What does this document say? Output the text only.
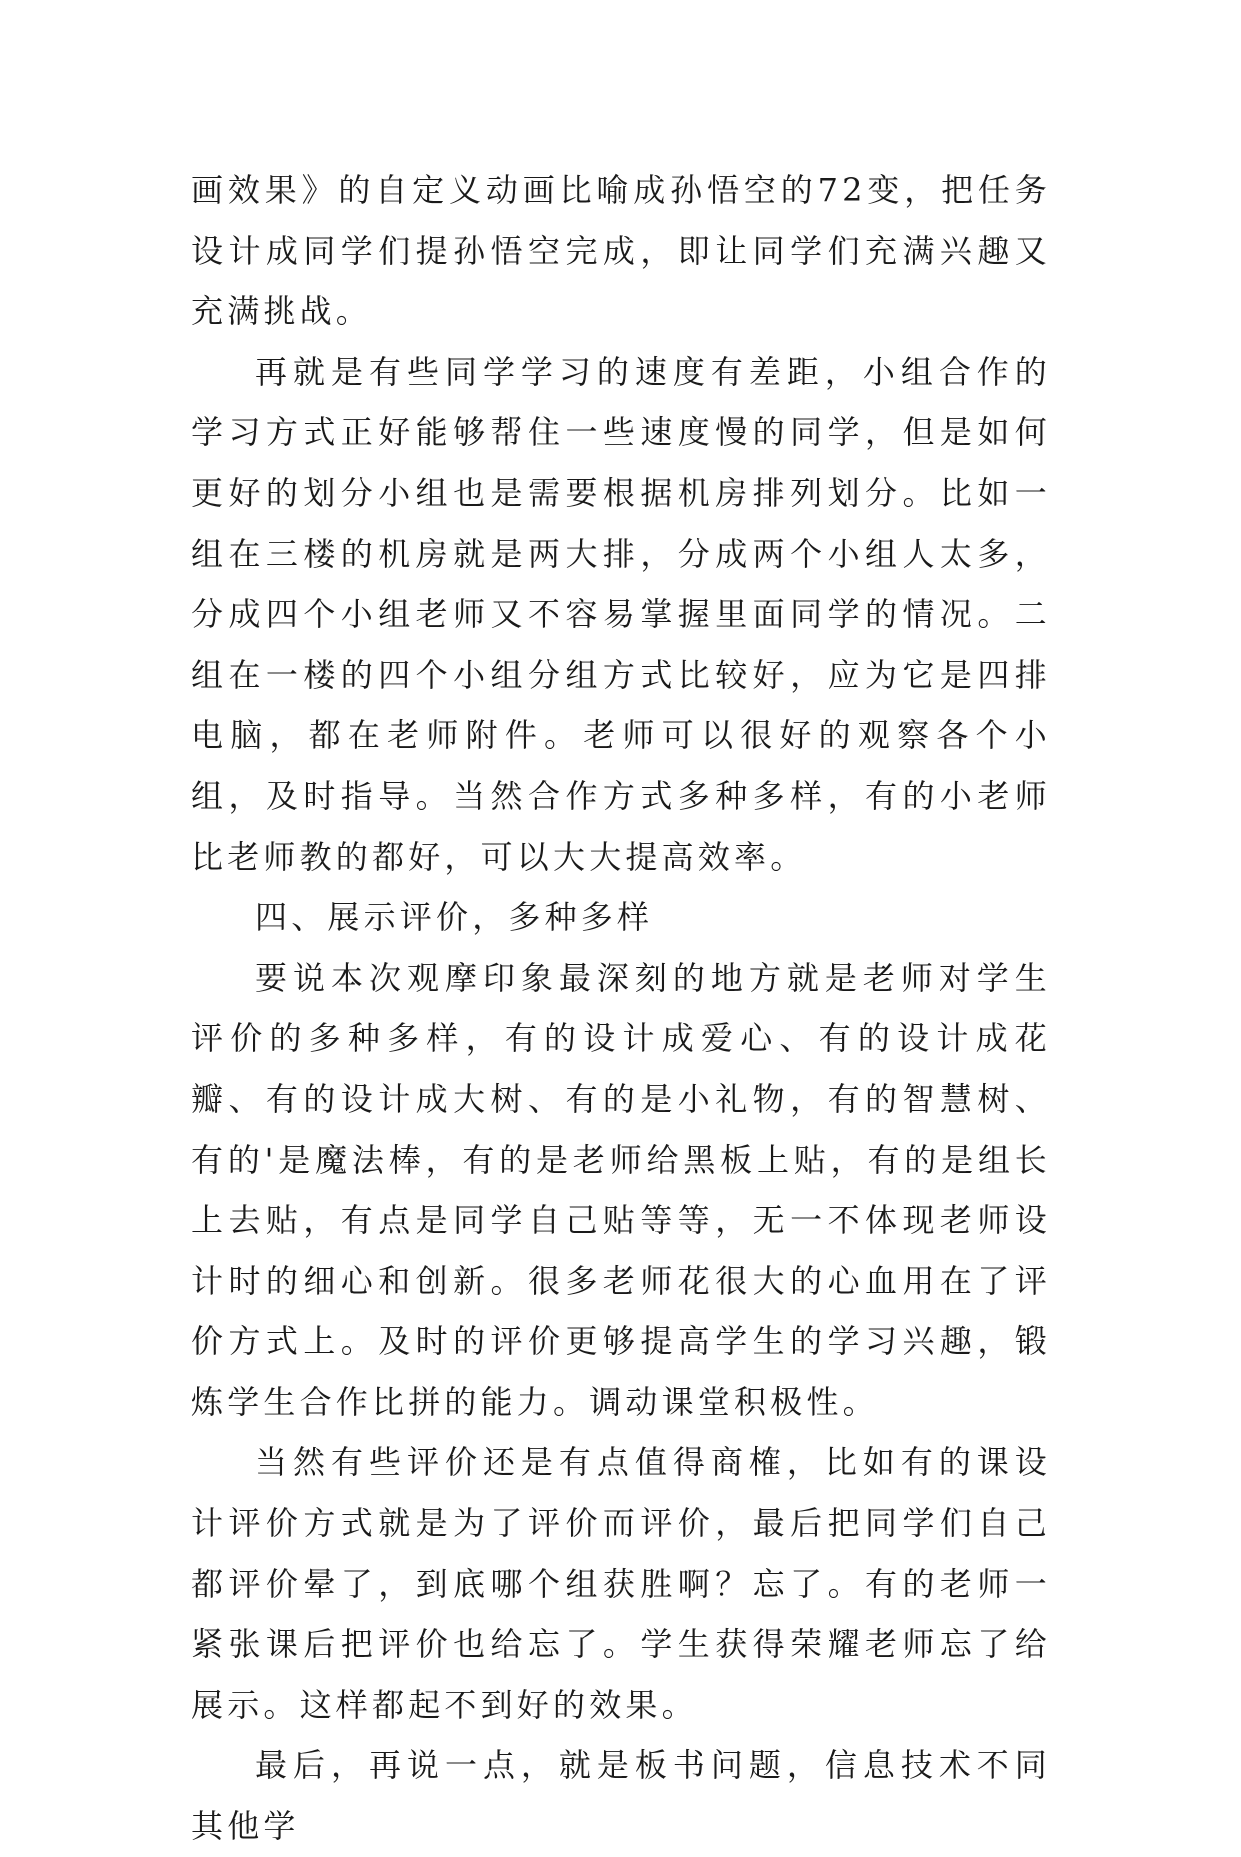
画效果》的自定义动画比喻成孙悟空的72变，把任务设计成同学们提孙悟空完成，即让同学们充满兴趣又充满挑战。

再就是有些同学学习的速度有差距，小组合作的学习方式正好能够帮住一些速度慢的同学，但是如何更好的划分小组也是需要根据机房排列划分。比如一组在三楼的机房就是两大排，分成两个小组人太多，分成四个小组老师又不容易掌握里面同学的情况。二组在一楼的四个小组分组方式比较好，应为它是四排电脑，都在老师附件。老师可以很好的观察各个小组，及时指导。当然合作方式多种多样，有的小老师比老师教的都好，可以大大提高效率。

四、展示评价，多种多样

要说本次观摩印象最深刻的地方就是老师对学生评价的多种多样，有的设计成爱心、有的设计成花瓣、有的设计成大树、有的是小礼物，有的智慧树、有的'是魔法棒，有的是老师给黑板上贴，有的是组长上去贴，有点是同学自己贴等等，无一不体现老师设计时的细心和创新。很多老师花很大的心血用在了评价方式上。及时的评价更够提高学生的学习兴趣，锻炼学生合作比拼的能力。调动课堂积极性。

当然有些评价还是有点值得商榷，比如有的课设计评价方式就是为了评价而评价，最后把同学们自己都评价晕了，到底哪个组获胜啊？忘了。有的老师一紧张课后把评价也给忘了。学生获得荣耀老师忘了给展示。这样都起不到好的效果。

最后，再说一点，就是板书问题，信息技术不同其他学
